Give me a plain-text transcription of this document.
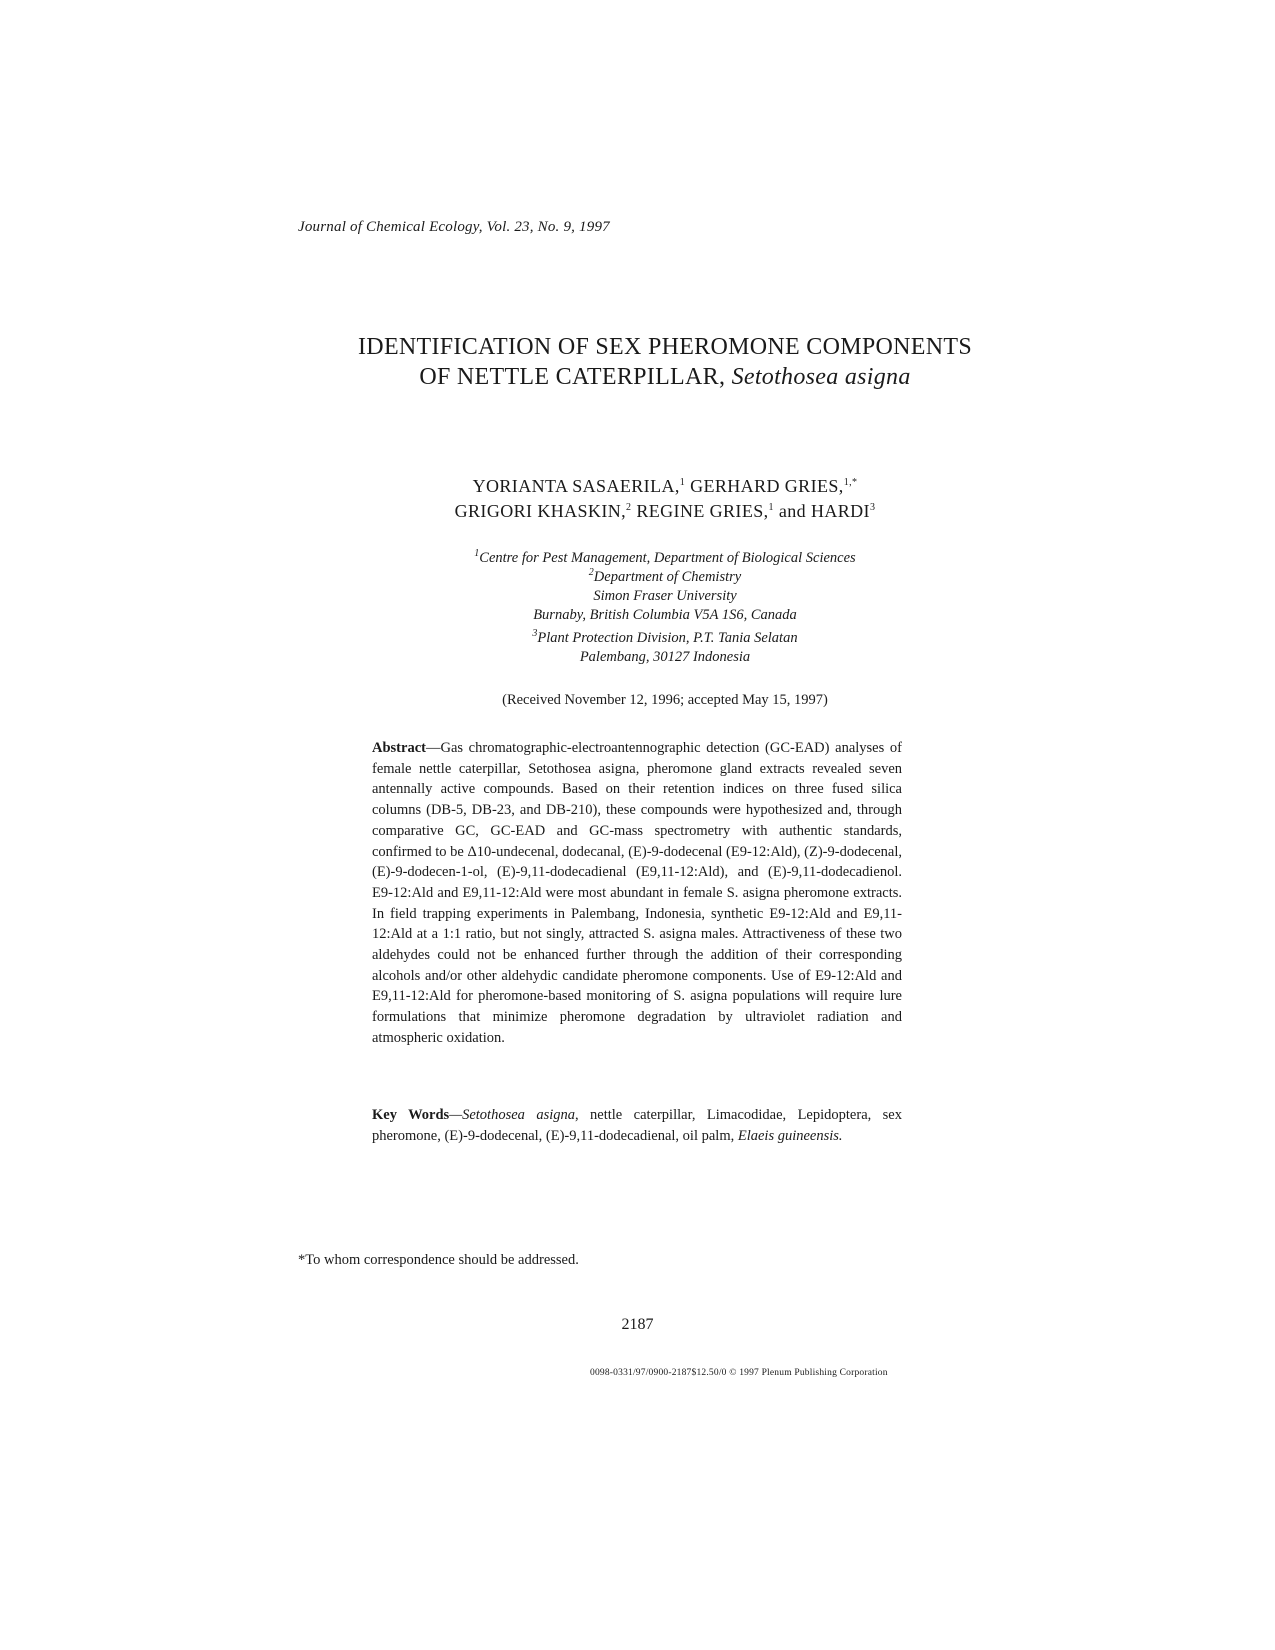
Journal of Chemical Ecology, Vol. 23, No. 9, 1997
IDENTIFICATION OF SEX PHEROMONE COMPONENTS
OF NETTLE CATERPILLAR, Setothosea asigna
YORIANTA SASAERILA,$^1$ GERHARD GRIES,$^{1,*}$
GRIGORI KHASKIN,$^2$ REGINE GRIES,$^1$ and HARDI$^3$
$^1$Centre for Pest Management, Department of Biological Sciences
$^2$Department of Chemistry
Simon Fraser University
Burnaby, British Columbia V5A 1S6, Canada
$^3$Plant Protection Division, P.T. Tania Selatan
Palembang, 30127 Indonesia
(Received November 12, 1996; accepted May 15, 1997)
Abstract—Gas chromatographic-electroantennographic detection (GC-EAD) analyses of female nettle caterpillar, Setothosea asigna, pheromone gland extracts revealed seven antennally active compounds. Based on their retention indices on three fused silica columns (DB-5, DB-23, and DB-210), these compounds were hypothesized and, through comparative GC, GC-EAD and GC-mass spectrometry with authentic standards, confirmed to be Δ10-undecenal, dodecanal, (E)-9-dodecenal (E9-12:Ald), (Z)-9-dodecenal, (E)-9-dodecen-1-ol, (E)-9,11-dodecadienal (E9,11-12:Ald), and (E)-9,11-dodecadienol. E9-12:Ald and E9,11-12:Ald were most abundant in female S. asigna pheromone extracts. In field trapping experiments in Palembang, Indonesia, synthetic E9-12:Ald and E9,11-12:Ald at a 1:1 ratio, but not singly, attracted S. asigna males. Attractiveness of these two aldehydes could not be enhanced further through the addition of their corresponding alcohols and/or other aldehydic candidate pheromone components. Use of E9-12:Ald and E9,11-12:Ald for pheromone-based monitoring of S. asigna populations will require lure formulations that minimize pheromone degradation by ultraviolet radiation and atmospheric oxidation.
Key Words—Setothosea asigna, nettle caterpillar, Limacodidae, Lepidoptera, sex pheromone, (E)-9-dodecenal, (E)-9,11-dodecadienal, oil palm, Elaeis guineensis.
*To whom correspondence should be addressed.
2187
0098-0331/97/0900-2187$12.50/0 © 1997 Plenum Publishing Corporation
